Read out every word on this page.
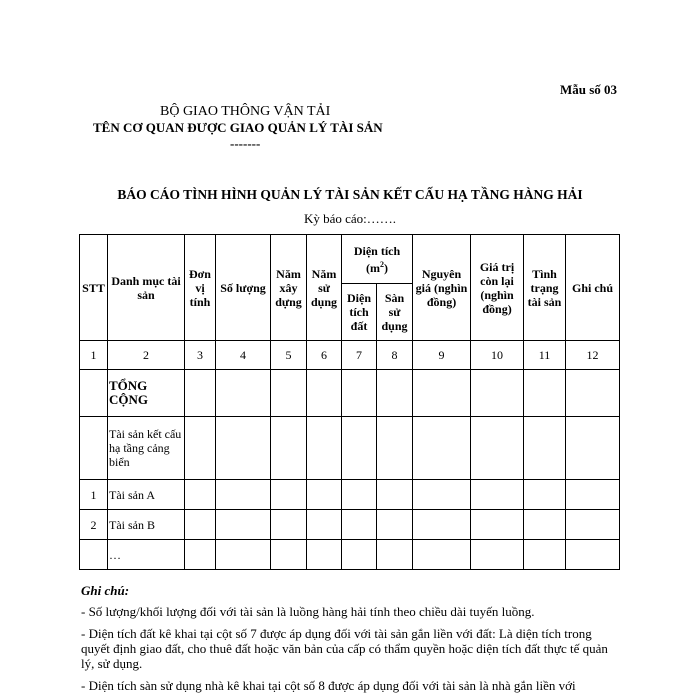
Mẫu số 03
BỘ GIAO THÔNG VẬN TẢI
TÊN CƠ QUAN ĐƯỢC GIAO QUẢN LÝ TÀI SẢN
-------
BÁO CÁO TÌNH HÌNH QUẢN LÝ TÀI SẢN KẾT CẤU HẠ TẦNG HÀNG HẢI
Kỳ báo cáo:…….
STT	Danh mục tài sản	Đơn vị tính	Số lượng	Năm xây dựng	Năm sử dụng	Diện tích $(m^2)$		Nguyên giá (nghìn đồng)	Giá trị còn lại (nghìn đồng)	Tình trạng tài sản	Ghi chú
						Diện tích đất	Sàn sử dụng				
1	2	3	4	5	6	7	8	9	10	11	12
	TỔNG CỘNG										
	Tài sản kết cấu hạ tầng cảng biển										
1	Tài sản A										
2	Tài sản B										
	…										
Ghi chú:

- Số lượng/khối lượng đối với tài sản là luồng hàng hải tính theo chiều dài tuyến luồng.

- Diện tích đất kê khai tại cột số 7 được áp dụng đối với tài sản gắn liền với đất: Là diện tích trong quyết định giao đất, cho thuê đất hoặc văn bản của cấp có thẩm quyền hoặc diện tích đất thực tế quản lý, sử dụng.

- Diện tích sàn sử dụng nhà kê khai tại cột số 8 được áp dụng đối với tài sản là nhà gắn liền với
